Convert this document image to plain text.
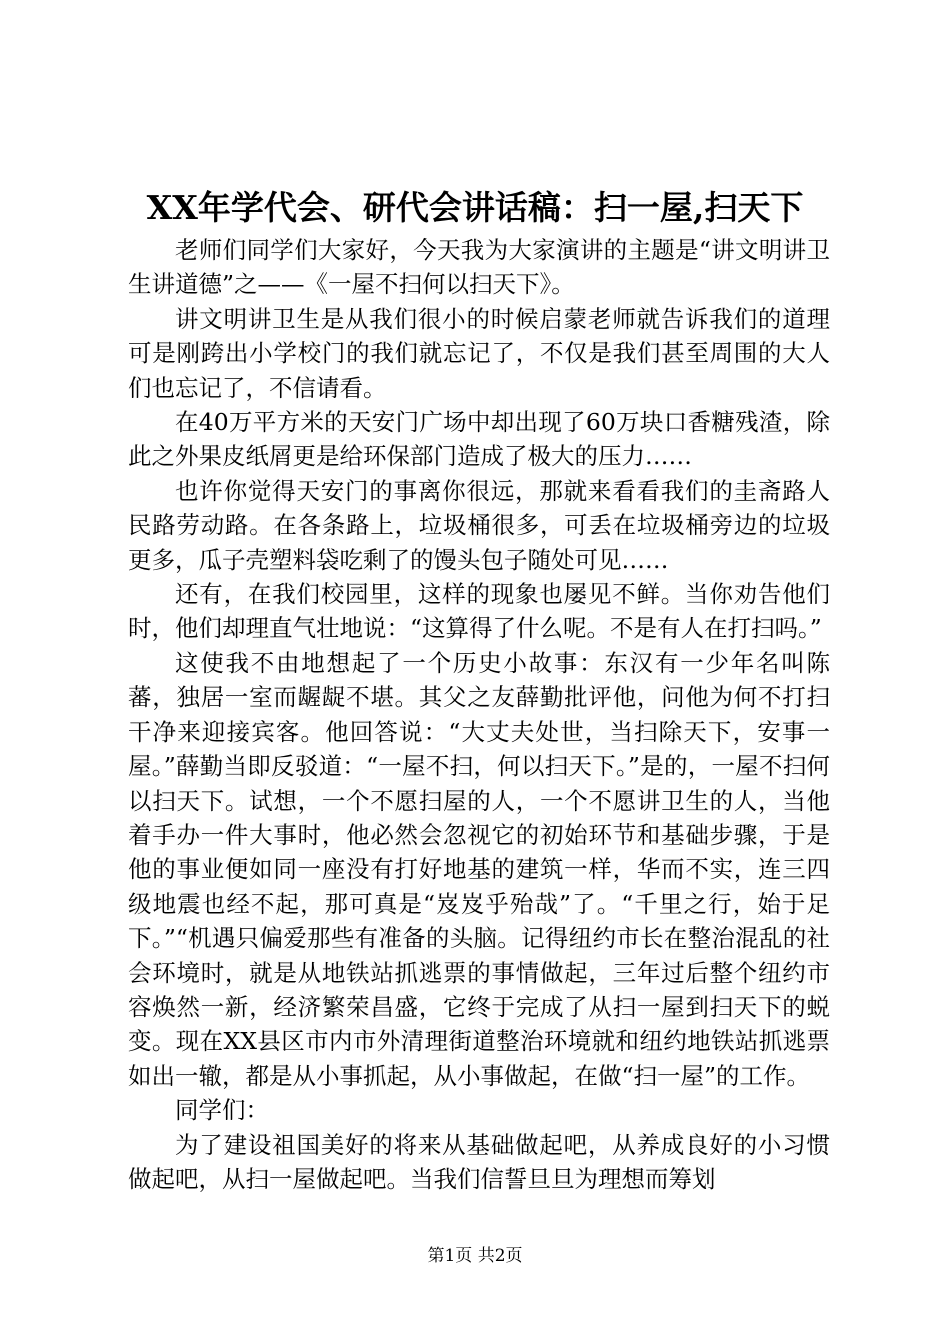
XX年学代会、研代会讲话稿：扫一屋,扫天下

老师们同学们大家好，今天我为大家演讲的主题是“讲文明讲卫生讲道德”之——《一屋不扫何以扫天下》。

讲文明讲卫生是从我们很小的时候启蒙老师就告诉我们的道理可是刚跨出小学校门的我们就忘记了，不仅是我们甚至周围的大人们也忘记了，不信请看。

在40万平方米的天安门广场中却出现了60万块口香糖残渣，除此之外果皮纸屑更是给环保部门造成了极大的压力……

也许你觉得天安门的事离你很远，那就来看看我们的圭斋路人民路劳动路。在各条路上，垃圾桶很多，可丢在垃圾桶旁边的垃圾更多，瓜子壳塑料袋吃剩了的馒头包子随处可见……

还有，在我们校园里，这样的现象也屡见不鲜。当你劝告他们时，他们却理直气壮地说：“这算得了什么呢。不是有人在打扫吗。”

这使我不由地想起了一个历史小故事：东汉有一少年名叫陈蕃，独居一室而龌龊不堪。其父之友薛勤批评他，问他为何不打扫干净来迎接宾客。他回答说：“大丈夫处世，当扫除天下，安事一屋。”薛勤当即反驳道：“一屋不扫，何以扫天下。”是的，一屋不扫何以扫天下。试想，一个不愿扫屋的人，一个不愿讲卫生的人，当他着手办一件大事时，他必然会忽视它的初始环节和基础步骤，于是他的事业便如同一座没有打好地基的建筑一样，华而不实，连三四级地震也经不起，那可真是“岌岌乎殆哉”了。“千里之行，始于足下。”“机遇只偏爱那些有准备的头脑。记得纽约市长在整治混乱的社会环境时，就是从地铁站抓逃票的事情做起，三年过后整个纽约市容焕然一新，经济繁荣昌盛，它终于完成了从扫一屋到扫天下的蜕变。现在XX县区市内市外清理街道整治环境就和纽约地铁站抓逃票如出一辙，都是从小事抓起，从小事做起，在做“扫一屋”的工作。

同学们：

为了建设祖国美好的将来从基础做起吧，从养成良好的小习惯做起吧，从扫一屋做起吧。当我们信誓旦旦为理想而筹划

第1页 共2页
